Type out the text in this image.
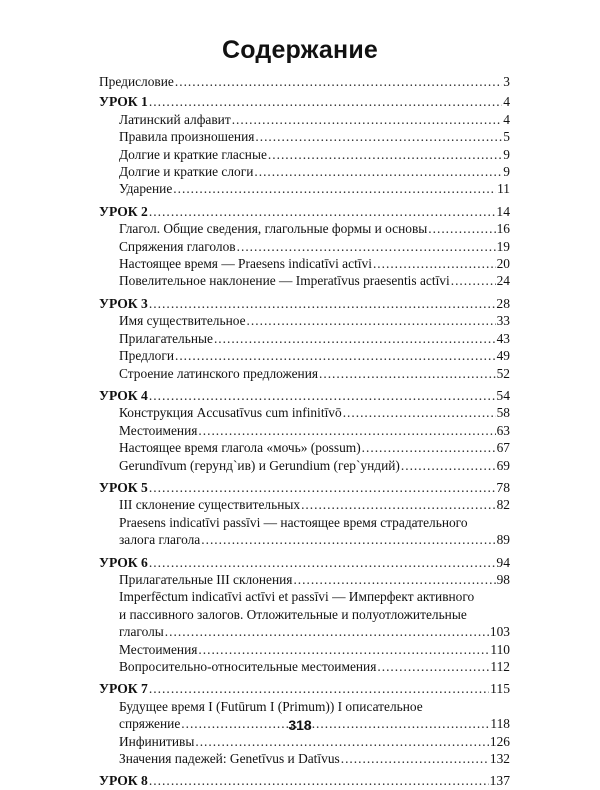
Содержание
Предисловие .....	3
УРОК 1 .....	4
Латинский алфавит .....	4
Правила произношения .....	5
Долгие и краткие гласные .....	9
Долгие и краткие слоги .....	9
Ударение .....	11
УРОК 2 .....	14
Глагол. Общие сведения, глагольные формы и основы .....	16
Спряжения глаголов .....	19
Настоящее время — Praesens indicatīvi actīvi .....	20
Повелительное наклонение — Imperatīvus praesentis actīvi .....	24
УРОК 3 .....	28
Имя существительное .....	33
Прилагательные .....	43
Предлоги .....	49
Строение латинского предложения .....	52
УРОК 4 .....	54
Конструкция Accusatīvus cum infinitīvō .....	58
Местоимения .....	63
Настоящее время глагола «мочь» (possum) .....	67
Gerundīvum (герунд`ив) и Gerundium (гер`ундий) .....	69
УРОК 5 .....	78
III склонение существительных .....	82
Praesens indicatīvi passīvi — настоящее время страдательного
залога глагола .....	89
УРОК 6 .....	94
Прилагательные III склонения .....	98
Imperfēctum indicatīvi actīvi et passīvi — Имперфект активного
и пассивного залогов. Отложительные и полуотложительные
глаголы .....	103
Местоимения .....	110
Вопросительно-относительные местоимения .....	112
УРОК 7 .....	115
Будущее время I (Futūrum I (Primum)) I описательное
спряжение .....	118
Инфинитивы .....	126
Значения падежей: Genetīvus и Datīvus .....	132
УРОК 8 .....	137
318
